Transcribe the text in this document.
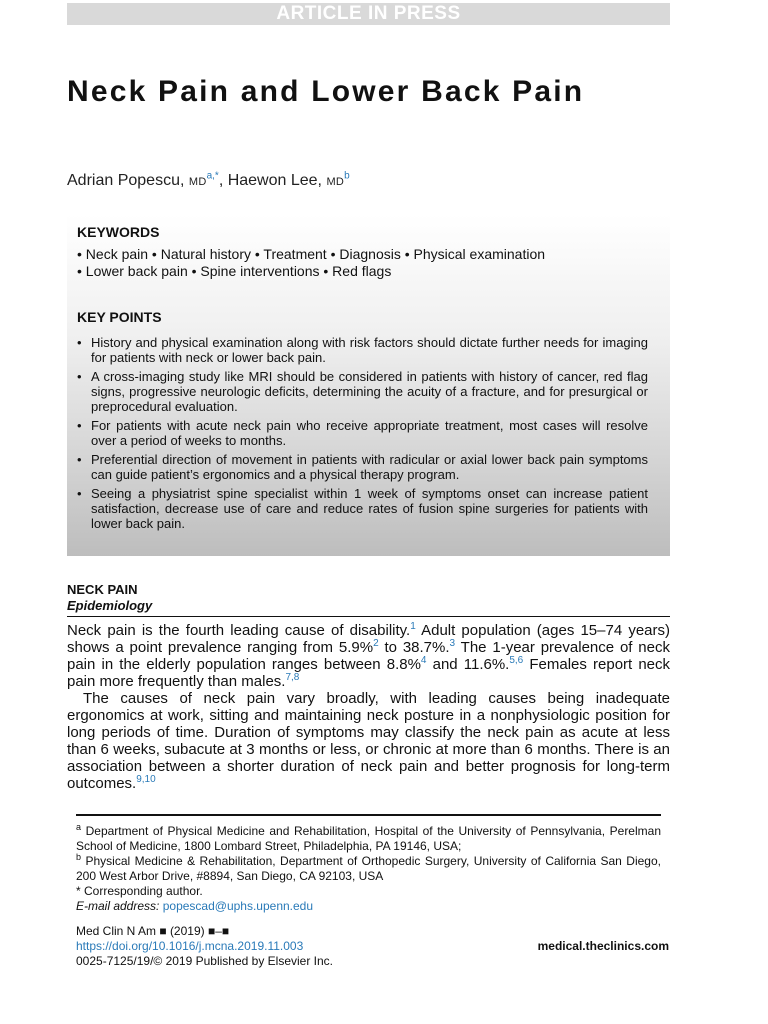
ARTICLE IN PRESS
Neck Pain and Lower Back Pain
Adrian Popescu, $MD^{a,*}$, Haewon Lee, $MD^b$
KEYWORDS
• Neck pain • Natural history • Treatment • Diagnosis • Physical examination
• Lower back pain • Spine interventions • Red flags
KEY POINTS
• History and physical examination along with risk factors should dictate further needs for imaging for patients with neck or lower back pain.
• A cross-imaging study like MRI should be considered in patients with history of cancer, red flag signs, progressive neurologic deficits, determining the acuity of a fracture, and for presurgical or preprocedural evaluation.
• For patients with acute neck pain who receive appropriate treatment, most cases will resolve over a period of weeks to months.
• Preferential direction of movement in patients with radicular or axial lower back pain symptoms can guide patient’s ergonomics and a physical therapy program.
• Seeing a physiatrist spine specialist within 1 week of symptoms onset can increase patient satisfaction, decrease use of care and reduce rates of fusion spine surgeries for patients with lower back pain.
NECK PAIN
Epidemiology

Neck pain is the fourth leading cause of disability.$^1$ Adult population (ages 15–74 years) shows a point prevalence ranging from 5.9%$^2$ to 38.7%.$^3$ The 1-year prevalence of neck pain in the elderly population ranges between 8.8%$^4$ and 11.6%.$^{5,6}$ Females report neck pain more frequently than males.$^{7,8}$

The causes of neck pain vary broadly, with leading causes being inadequate ergonomics at work, sitting and maintaining neck posture in a nonphysiologic position for long periods of time. Duration of symptoms may classify the neck pain as acute at less than 6 weeks, subacute at 3 months or less, or chronic at more than 6 months. There is an association between a shorter duration of neck pain and better prognosis for long-term outcomes.$^{9,10}$

$^a$ Department of Physical Medicine and Rehabilitation, Hospital of the University of Pennsylvania, Perelman School of Medicine, 1800 Lombard Street, Philadelphia, PA 19146, USA;

$^b$ Physical Medicine & Rehabilitation, Department of Orthopedic Surgery, University of California San Diego, 200 West Arbor Drive, #8894, San Diego, CA 92103, USA

* Corresponding author.

E-mail address: popescad@uphs.upenn.edu

Med Clin N Am ■ (2019) ■–■
https://doi.org/10.1016/j.mcna.2019.11.003
0025-7125/19/© 2019 Published by Elsevier Inc.
medical.theclinics.com
